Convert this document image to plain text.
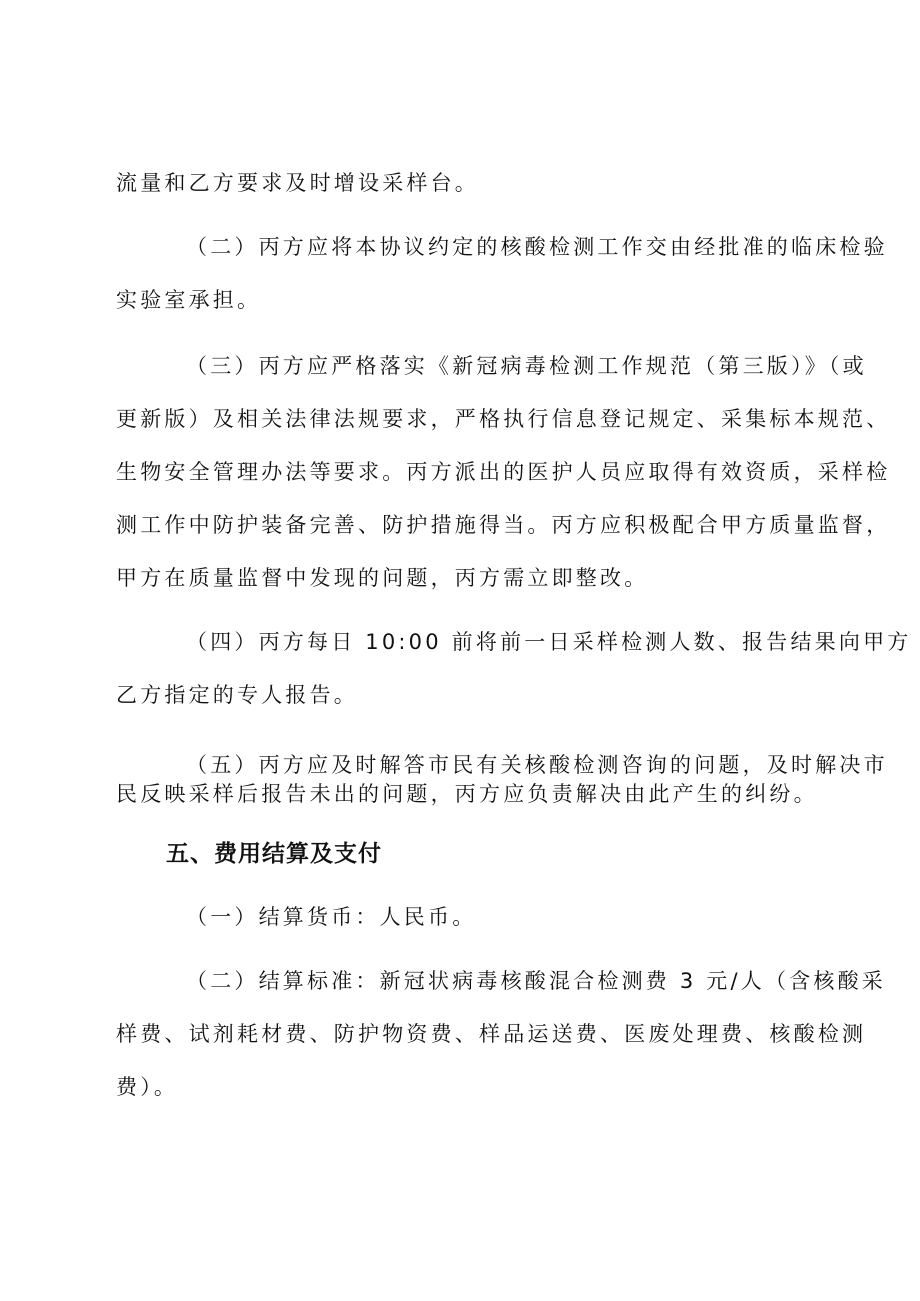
流量和乙方要求及时增设采样台。
（二）丙方应将本协议约定的核酸检测工作交由经批准的临床检验
实验室承担。
（三）丙方应严格落实《新冠病毒检测工作规范（第三版）》（或
更新版）及相关法律法规要求，严格执行信息登记规定、采集标本规范、
生物安全管理办法等要求。丙方派出的医护人员应取得有效资质，采样检
测工作中防护装备完善、防护措施得当。丙方应积极配合甲方质量监督，
甲方在质量监督中发现的问题，丙方需立即整改。
（四）丙方每日 10:00 前将前一日采样检测人数、报告结果向甲方
乙方指定的专人报告。
（五）丙方应及时解答市民有关核酸检测咨询的问题，及时解决市
民反映采样后报告未出的问题，丙方应负责解决由此产生的纠纷。
五、费用结算及支付
（一）结算货币：人民币。
（二）结算标准：新冠状病毒核酸混合检测费 3 元/人（含核酸采
样费、试剂耗材费、防护物资费、样品运送费、医废处理费、核酸检测
费）。
